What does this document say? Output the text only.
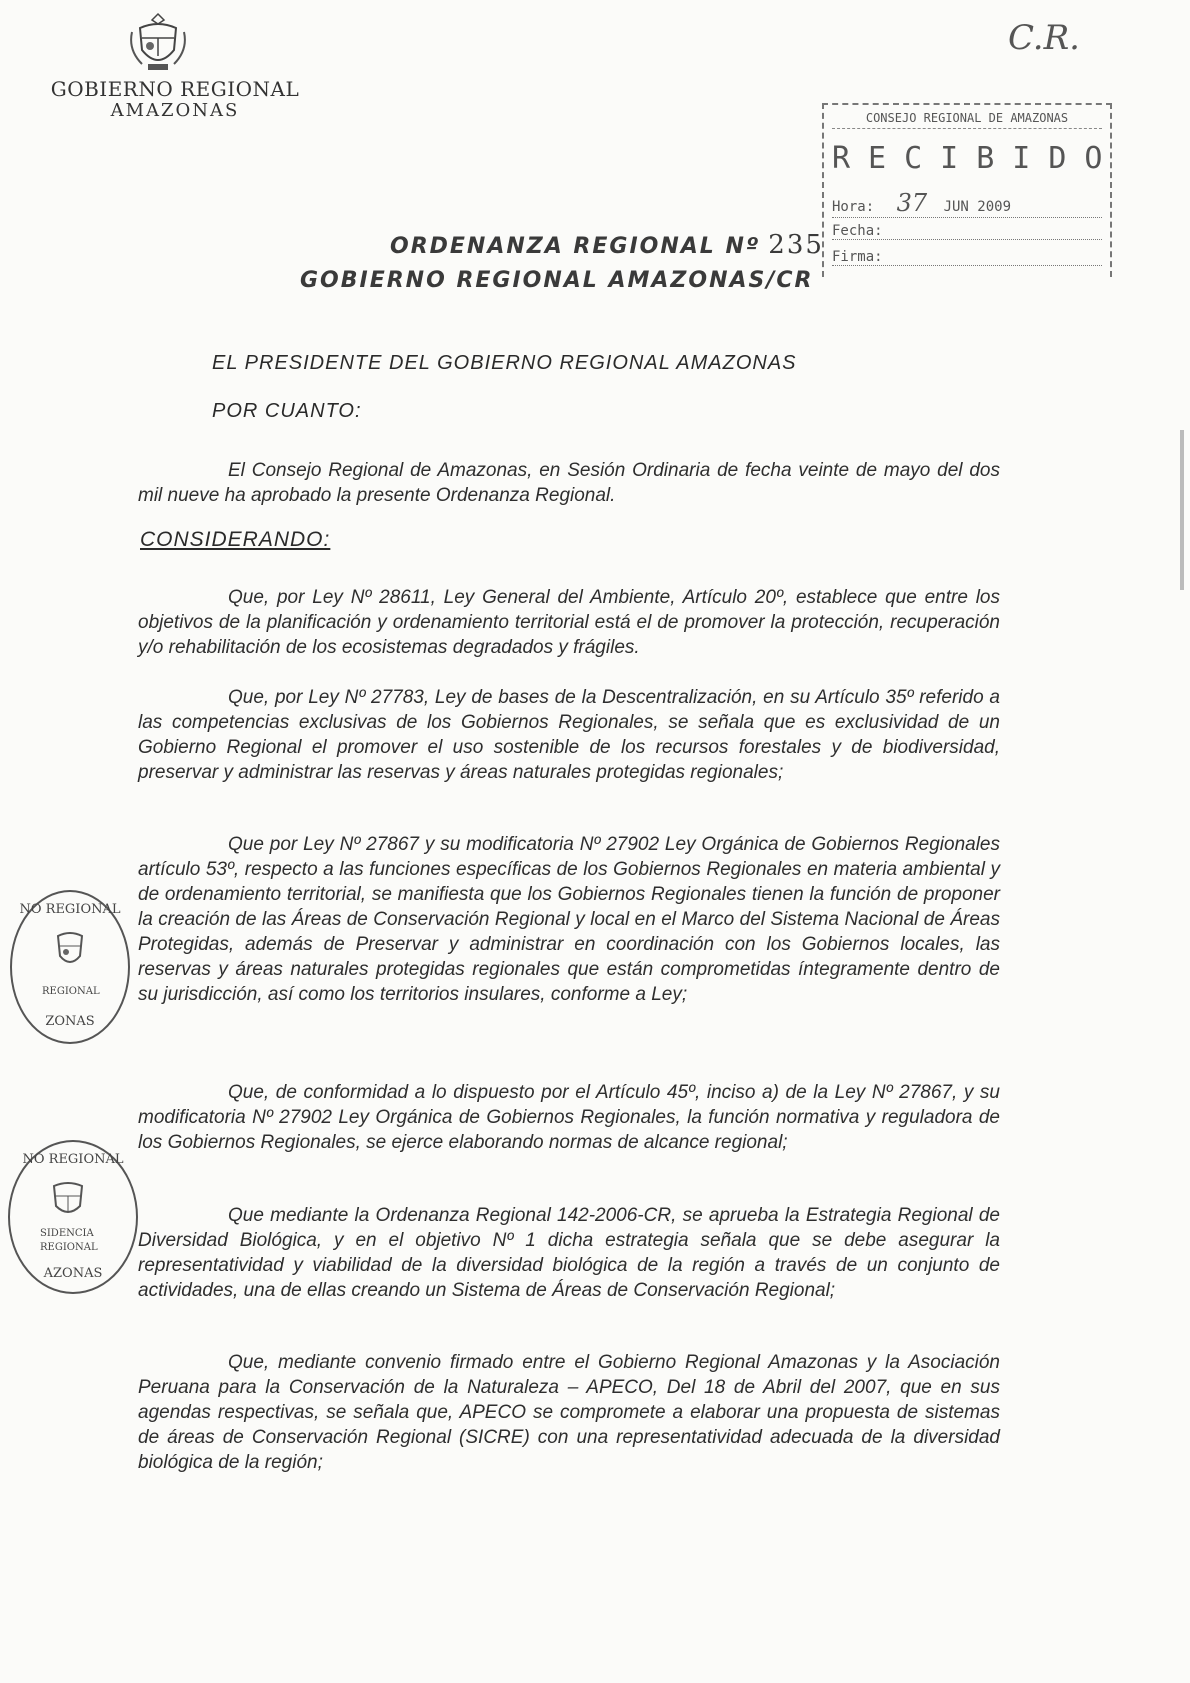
GOBIERNO REGIONAL
AMAZONAS
C.R.
CONSEJO REGIONAL DE AMAZONAS
RECIBIDO
Hora: 37 JUN 2009
Fecha:
Firma:
ORDENANZA REGIONAL Nº 235
GOBIERNO REGIONAL AMAZONAS/CR
EL PRESIDENTE DEL GOBIERNO REGIONAL AMAZONAS
POR CUANTO:
El Consejo Regional de Amazonas, en Sesión Ordinaria de fecha veinte de mayo del dos mil nueve ha aprobado la presente Ordenanza Regional.
CONSIDERANDO:
Que, por Ley Nº 28611, Ley General del Ambiente, Artículo 20º, establece que entre los objetivos de la planificación y ordenamiento territorial está el de promover la protección, recuperación y/o rehabilitación de los ecosistemas degradados y frágiles.
Que, por Ley Nº 27783, Ley de bases de la Descentralización, en su Artículo 35º referido a las competencias exclusivas de los Gobiernos Regionales, se señala que es exclusividad de un Gobierno Regional el promover el uso sostenible de los recursos forestales y de biodiversidad, preservar y administrar las reservas y áreas naturales protegidas regionales;
Que por Ley Nº 27867 y su modificatoria Nº 27902 Ley Orgánica de Gobiernos Regionales artículo 53º, respecto a las funciones específicas de los Gobiernos Regionales en materia ambiental y de ordenamiento territorial, se manifiesta que los Gobiernos Regionales tienen la función de proponer la creación de las Áreas de Conservación Regional y local en el Marco del Sistema Nacional de Áreas Protegidas, además de Preservar y administrar en coordinación con los Gobiernos locales, las reservas y áreas naturales protegidas regionales que están comprometidas íntegramente dentro de su jurisdicción, así como los territorios insulares, conforme a Ley;
Que, de conformidad a lo dispuesto por el Artículo 45º, inciso a) de la Ley Nº 27867, y su modificatoria Nº 27902 Ley Orgánica de Gobiernos Regionales, la función normativa y reguladora de los Gobiernos Regionales, se ejerce elaborando normas de alcance regional;
Que mediante la Ordenanza Regional 142-2006-CR, se aprueba la Estrategia Regional de Diversidad Biológica, y en el objetivo Nº 1 dicha estrategia señala que se debe asegurar la representatividad y viabilidad de la diversidad biológica de la región a través de un conjunto de actividades, una de ellas creando un Sistema de Áreas de Conservación Regional;
Que, mediante convenio firmado entre el Gobierno Regional Amazonas y la Asociación Peruana para la Conservación de la Naturaleza – APECO, Del 18 de Abril del 2007, que en sus agendas respectivas, se señala que, APECO se compromete a elaborar una propuesta de sistemas de áreas de Conservación Regional (SICRE) con una representatividad adecuada de la diversidad biológica de la región;
NO REGIONAL
REGIONAL
ZONAS
NO REGIONAL
SIDENCIA
REGIONAL
AZONAS
